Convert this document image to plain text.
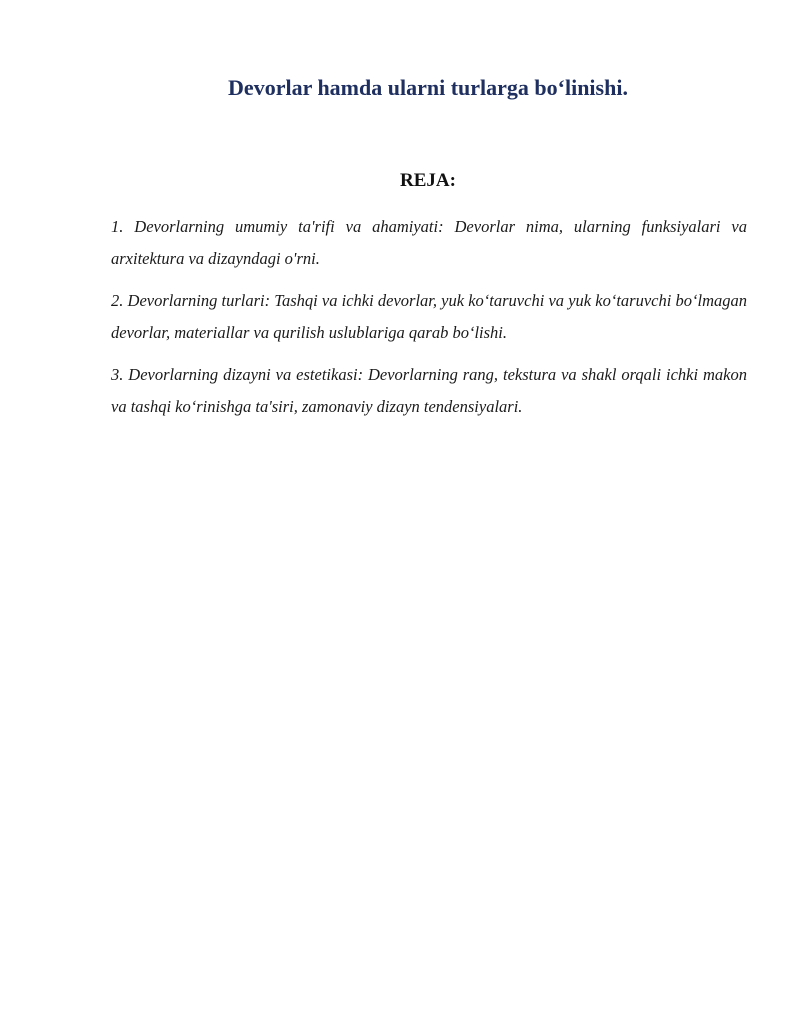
Devorlar hamda ularni turlarga bo‘linishi.
REJA:
1. Devorlarning umumiy ta'rifi va ahamiyati: Devorlar nima, ularning funksiyalari va arxitektura va dizayndagi o'rni.
2. Devorlarning turlari: Tashqi va ichki devorlar, yuk ko‘taruvchi va yuk ko‘taruvchi bo‘lmagan devorlar, materiallar va qurilish uslublariga qarab bo‘lishi.
3. Devorlarning dizayni va estetikasi: Devorlarning rang, tekstura va shakl orqali ichki makon va tashqi ko‘rinishga ta'siri, zamonaviy dizayn tendensiyalari.
